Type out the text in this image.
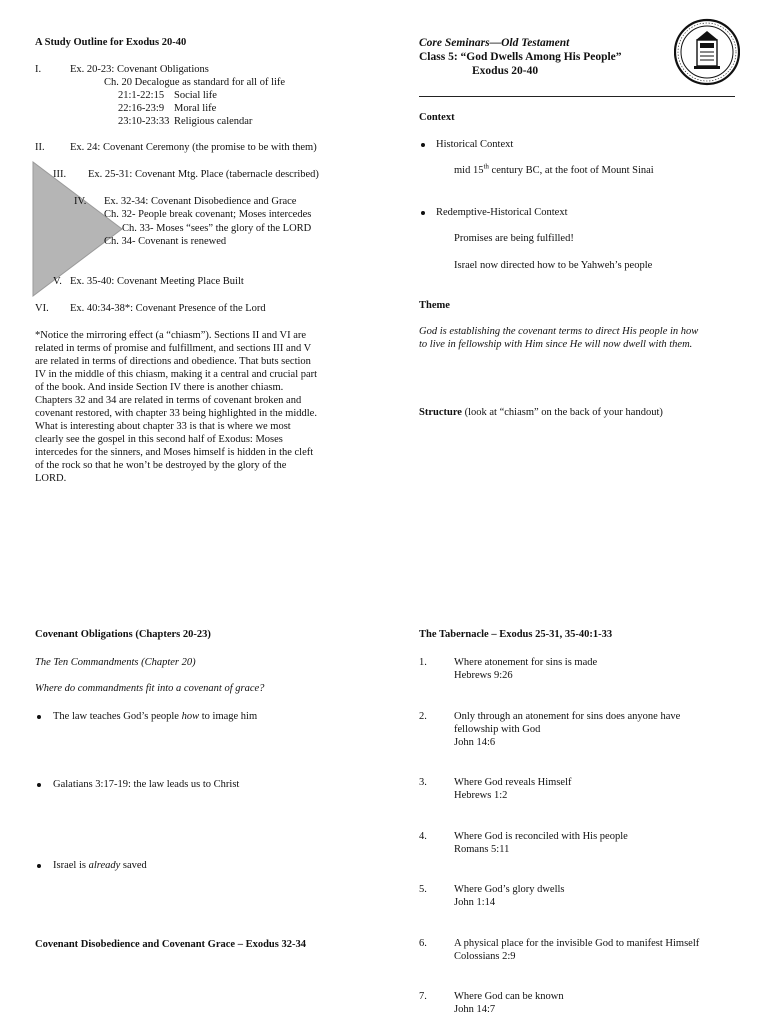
A Study Outline for Exodus 20-40
I.	Ex. 20-23: Covenant Obligations
Ch. 20 Decalogue as standard for all of life
21:1-22:15 Social life
22:16-23:9 Moral life
23:10-23:33 Religious calendar
II. Ex. 24: Covenant Ceremony (the promise to be with them)
III. Ex. 25-31: Covenant Mtg. Place (tabernacle described)
IV. Ex. 32-34: Covenant Disobedience and Grace
Ch. 32- People break covenant; Moses intercedes
Ch. 33- Moses “sees” the glory of the LORD
Ch. 34- Covenant is renewed
V. Ex. 35-40: Covenant Meeting Place Built
VI. Ex. 40:34-38*: Covenant Presence of the Lord
*Notice the mirroring effect (a “chiasm”). Sections II and VI are
related in terms of promise and fulfillment, and sections III and V
are related in terms of directions and obedience. That buts section
IV in the middle of this chiasm, making it a central and crucial part
of the book. And inside Section IV there is another chiasm.
Chapters 32 and 34 are related in terms of covenant broken and
covenant restored, with chapter 33 being highlighted in the middle.
What is interesting about chapter 33 is that is where we most
clearly see the gospel in this second half of Exodus: Moses
intercedes for the sinners, and Moses himself is hidden in the cleft
of the rock so that he won’t be destroyed by the glory of the
LORD.
Core Seminars—Old Testament
Class 5: “God Dwells Among His People”
Exodus 20-40
Context
Historical Context
mid 15th century BC, at the foot of Mount Sinai
Redemptive-Historical Context
Promises are being fulfilled!
Israel now directed how to be Yahweh’s people
Theme
God is establishing the covenant terms to direct His people in how
to live in fellowship with Him since He will now dwell with them.
Structure (look at “chiasm” on the back of your handout)
Covenant Obligations (Chapters 20-23)
The Ten Commandments (Chapter 20)
Where do commandments fit into a covenant of grace?
The law teaches God’s people how to image him
Galatians 3:17-19: the law leads us to Christ
Israel is already saved
Covenant Disobedience and Covenant Grace – Exodus 32-34
The Tabernacle – Exodus 25-31, 35-40:1-33
1.	Where atonement for sins is made
Hebrews 9:26
2.	Only through an atonement for sins does anyone have
fellowship with God
John 14:6
3.	Where God reveals Himself
Hebrews 1:2
4.	Where God is reconciled with His people
Romans 5:11
5.	Where God’s glory dwells
John 1:14
6.	A physical place for the invisible God to manifest Himself
Colossians 2:9
7.	Where God can be known
John 14:7
